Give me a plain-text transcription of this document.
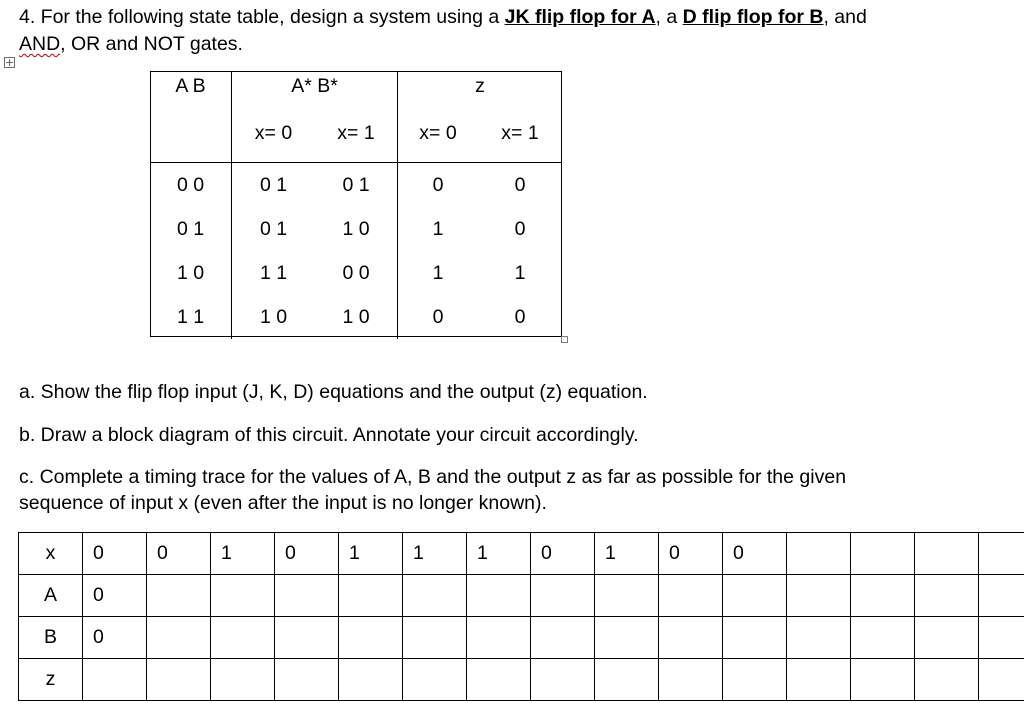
4. For the following state table, design a system using a JK flip flop for A, a D flip flop for B, and
AND, OR and NOT gates.
+
A B	A* B*		z	
	x= 0	x= 1	x= 0	x= 1
0 0	0 1	0 1	0	0
0 1	0 1	1 0	1	0
1 0	1 1	0 0	1	1
1 1	1 0	1 0	0	0
a. Show the flip flop input (J, K, D) equations and the output (z) equation.
b. Draw a block diagram of this circuit. Annotate your circuit accordingly.
c. Complete a timing trace for the values of A, B and the output z as far as possible for the given
sequence of input x (even after the input is no longer known).
x	0	0	1	0	1	1	1	0	1	0	0				
A	0														
B	0														
z															
